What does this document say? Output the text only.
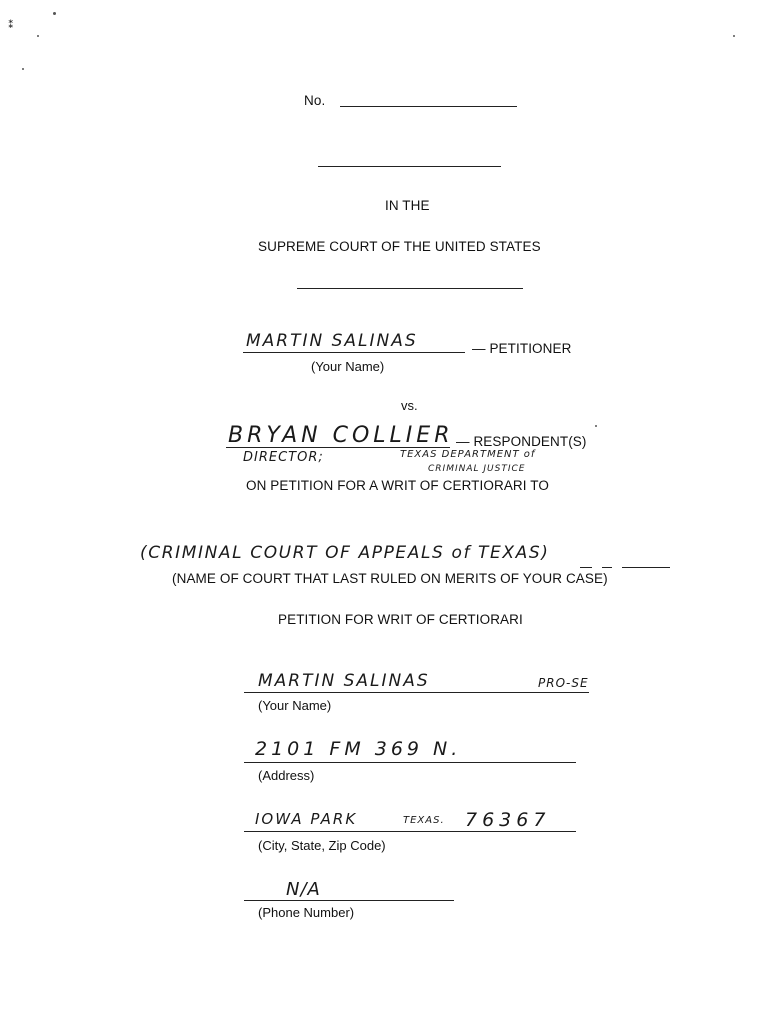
⁑
No.
IN THE
SUPREME COURT OF THE UNITED STATES
MARTIN SALINAS	— PETITIONER
(Your Name)
vs.
BRYAN COLLIER — RESPONDENT(S)
DIRECTOR;	TEXAS DEPARTMENT of
CRIMINAL JUSTICE
ON PETITION FOR A WRIT OF CERTIORARI TO
(CRIMINAL COURT OF APPEALS of TEXAS)
(NAME OF COURT THAT LAST RULED ON MERITS OF YOUR CASE)
PETITION FOR WRIT OF CERTIORARI
MARTIN SALINAS	PRO-SE
(Your Name)
2101 FM 369 N.
(Address)
IOWA PARK	TEXAS. 76367
(City, State, Zip Code)
N/A
(Phone Number)
